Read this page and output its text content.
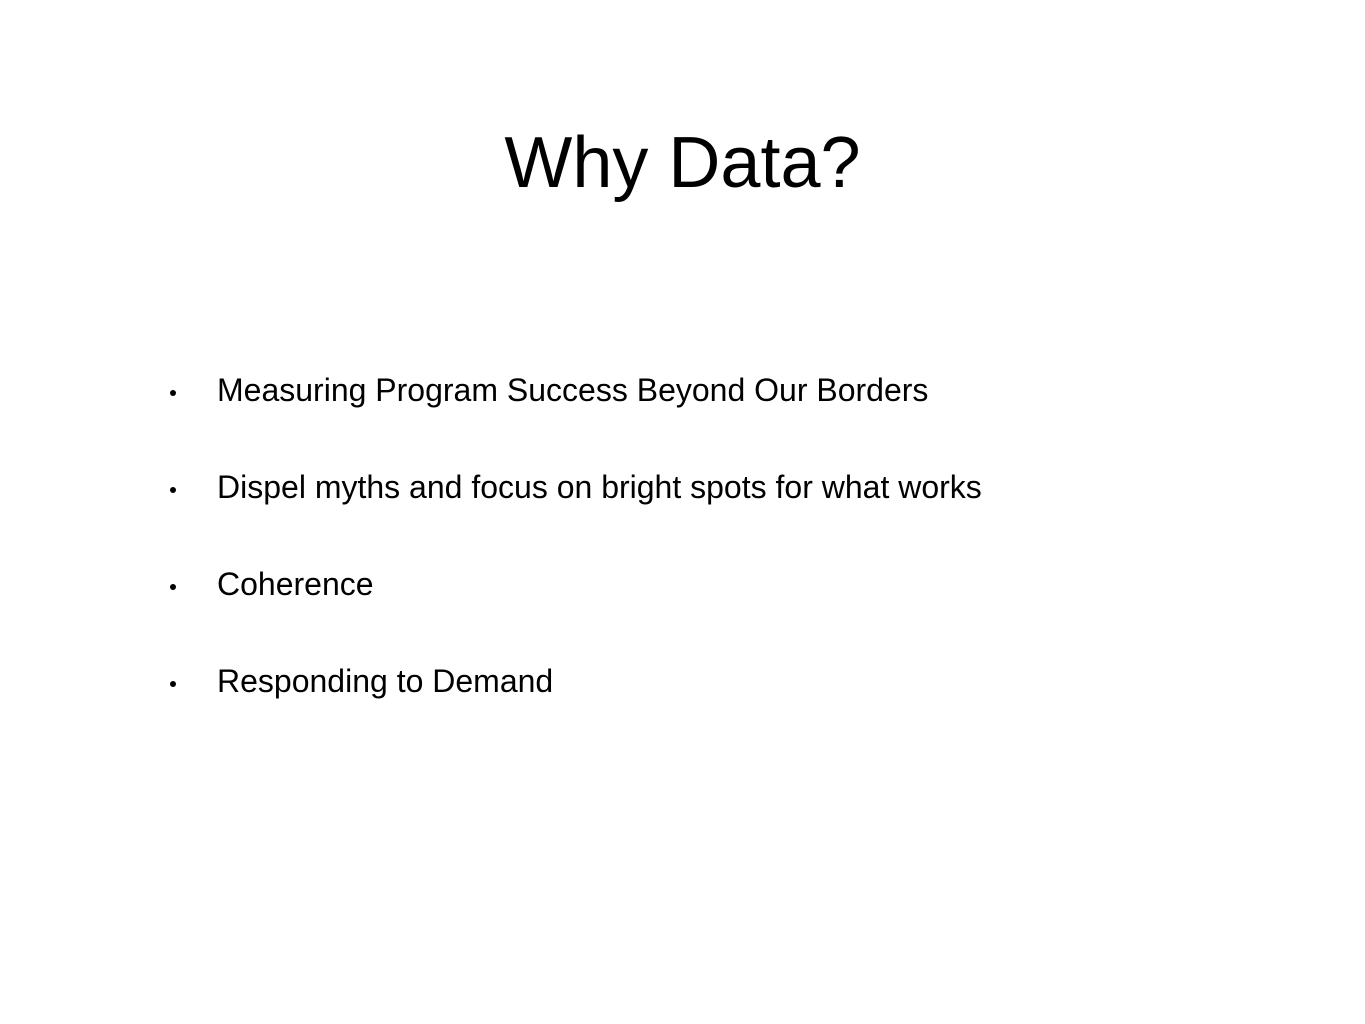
Why Data?
Measuring Program Success Beyond Our Borders
Dispel myths and focus on bright spots for what works
Coherence
Responding to Demand
